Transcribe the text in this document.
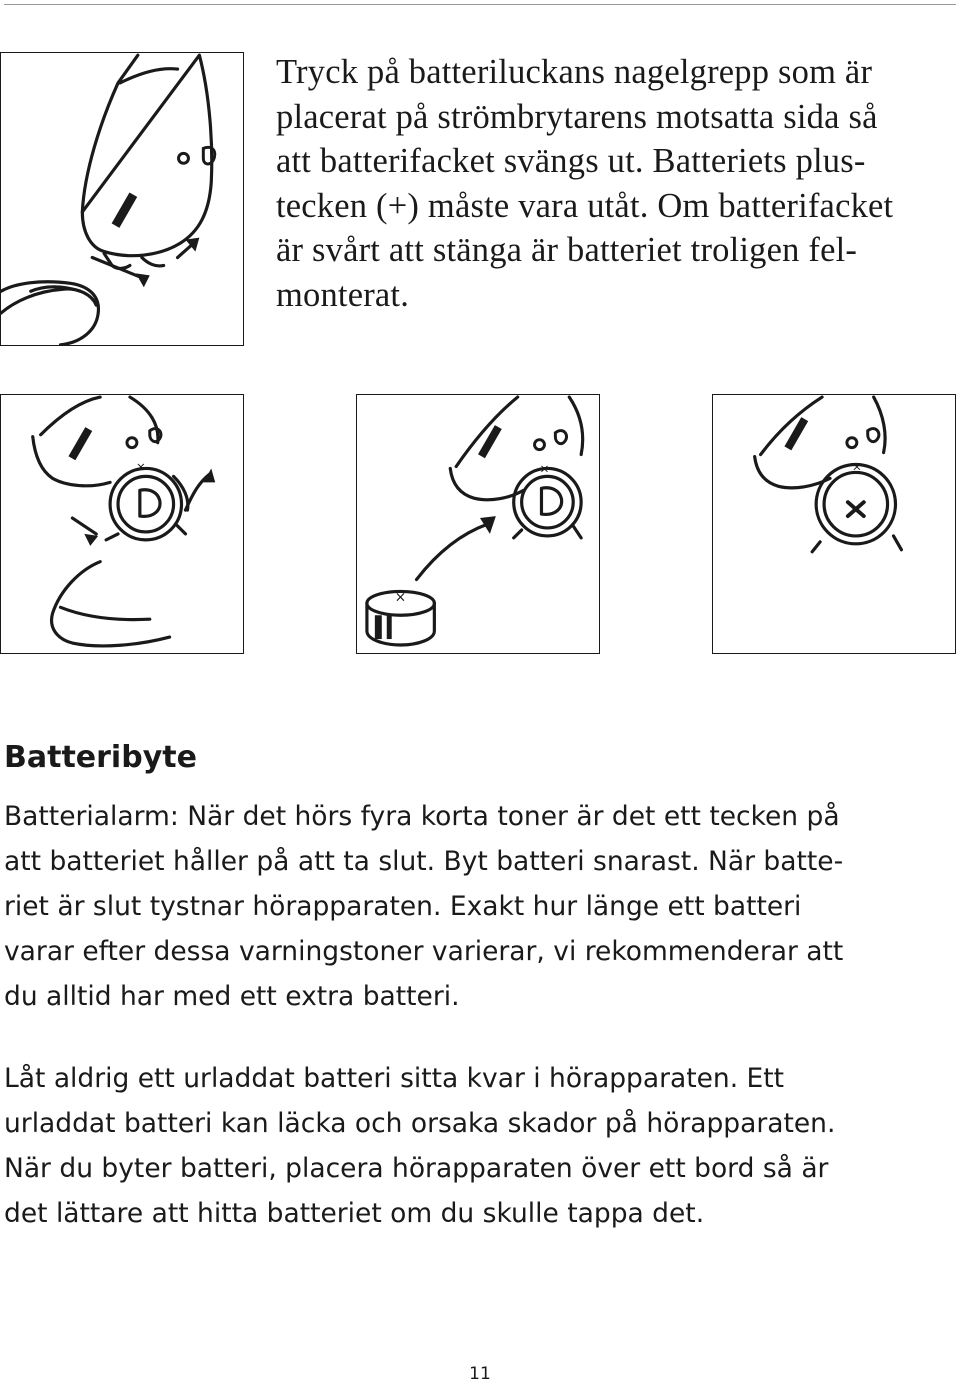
×
×
×	×
Tryck på batteriluckans nagelgrepp som är
placerat på strömbrytarens motsatta sida så
att batterifacket svängs ut. Batteriets plus-
tecken (+) måste vara utåt. Om batterifacket
är svårt att stänga är batteriet troligen fel-
monterat.
Batteribyte
Batterialarm: När det hörs fyra korta toner är det ett tecken på
att batteriet håller på att ta slut. Byt batteri snarast. När batte-
riet är slut tystnar hörapparaten. Exakt hur länge ett batteri
varar efter dessa varningstoner varierar, vi rekommenderar att
du alltid har med ett extra batteri.
Låt aldrig ett urladdat batteri sitta kvar i hörapparaten. Ett
urladdat batteri kan läcka och orsaka skador på hörapparaten.
När du byter batteri, placera hörapparaten över ett bord så är
det lättare att hitta batteriet om du skulle tappa det.
11
